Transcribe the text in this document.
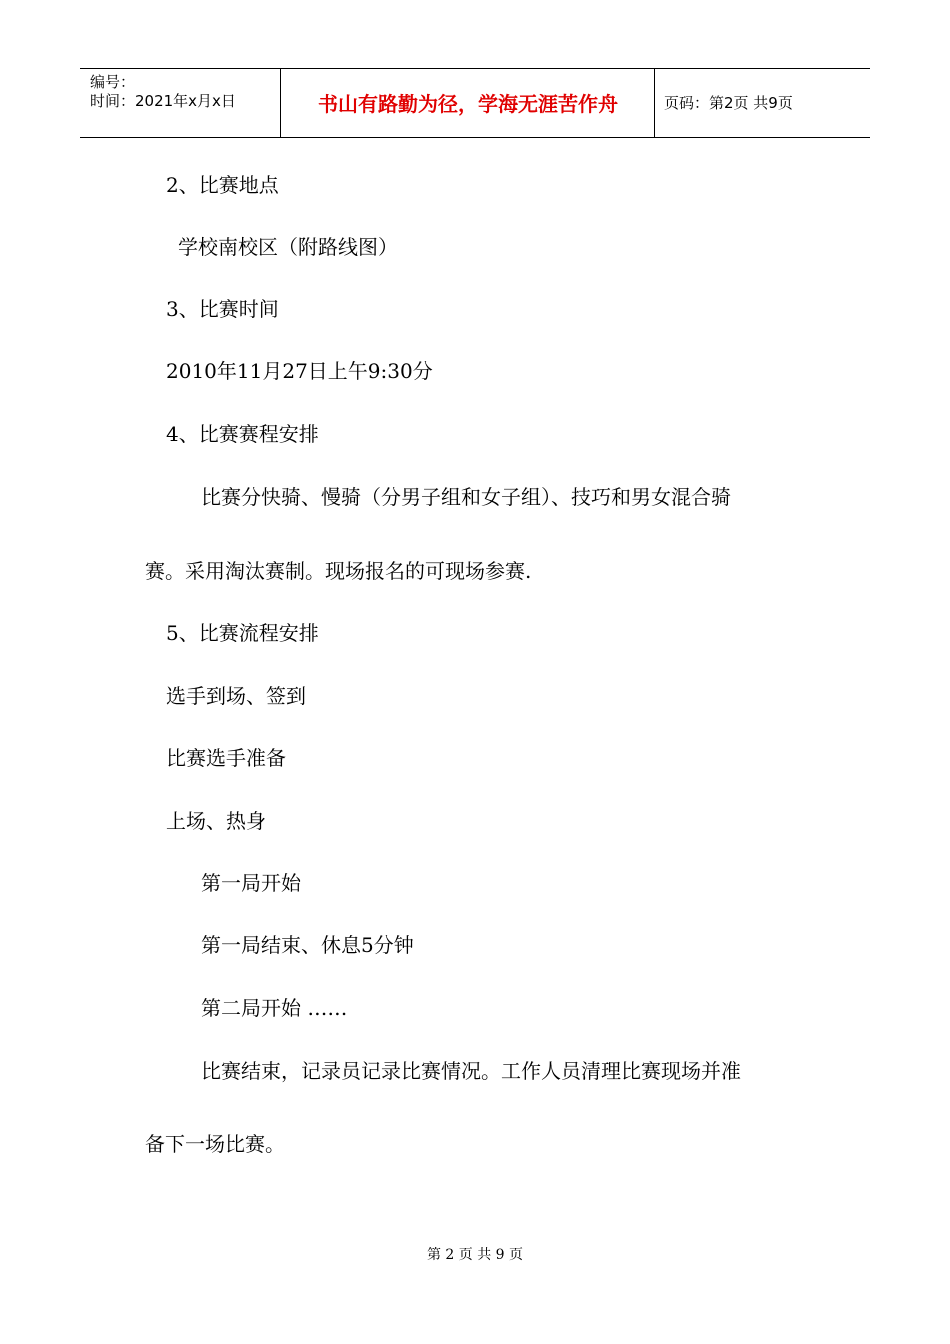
编号：
时间：2021年x月x日	书山有路勤为径，学海无涯苦作舟	页码：第2页 共9页
2、比赛地点
学校南校区（附路线图）
3、比赛时间
2010年11月27日上午9:30分
4、比赛赛程安排
比赛分快骑、慢骑（分男子组和女子组）、技巧和男女混合骑
赛。采用淘汰赛制。现场报名的可现场参赛.
5、比赛流程安排
选手到场、签到
比赛选手准备
上场、热身
第一局开始
第一局结束、休息5分钟
第二局开始 ……
比赛结束，记录员记录比赛情况。工作人员清理比赛现场并准
备下一场比赛。
第 2 页 共 9 页
